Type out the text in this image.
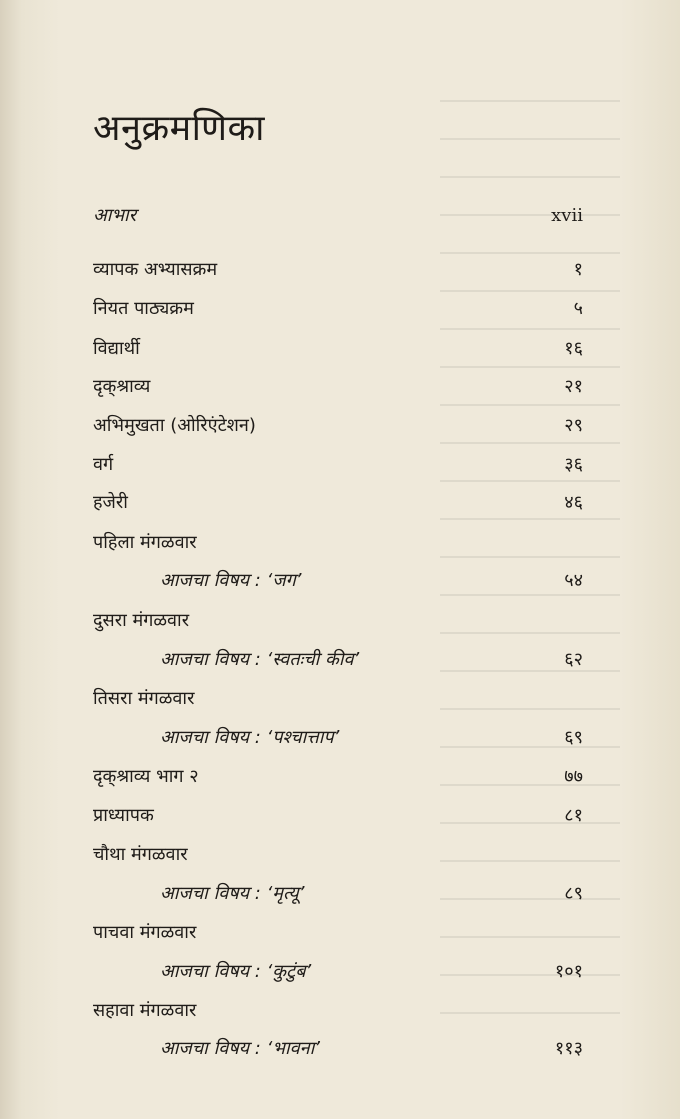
अनुक्रमणिका
आभार	xvii
व्यापक अभ्यासक्रम	१
नियत पाठ्यक्रम	५
विद्यार्थी	१६
दृक्‌श्राव्य	२१
अभिमुखता (ओरिएंटेशन)	२९
वर्ग	३६
हजेरी	४६
पहिला मंगळवार
आजचा विषय : ‘जग’	५४
दुसरा मंगळवार
आजचा विषय : ‘स्वतःची कीव’	६२
तिसरा मंगळवार
आजचा विषय : ‘पश्चात्ताप’	६९
दृक्‌श्राव्य भाग २	७७
प्राध्यापक	८१
चौथा मंगळवार
आजचा विषय : ‘मृत्यू’	८९
पाचवा मंगळवार
आजचा विषय : ‘कुटुंब’	१०१
सहावा मंगळवार
आजचा विषय : ‘भावना’	११३
